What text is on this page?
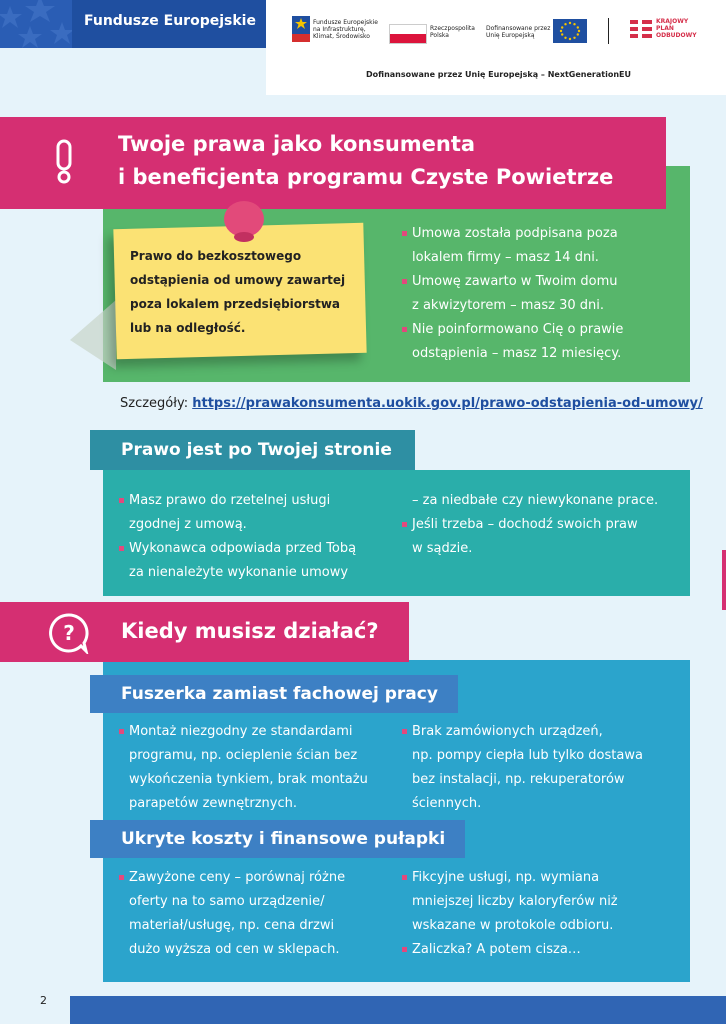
Fundusze Europejskie	Fundusze Europejskie
na Infrastrukturę,
Klimat, Środowisko
Rzeczpospolita
Polska
Dofinansowane przez
Unię Europejską
KRAJOWY
PLAN
ODBUDOWY
Dofinansowane przez Unię Europejską – NextGenerationEU
Twoje prawa jako konsumenta
i beneficjenta programu Czyste Powietrze
Prawo do bezkosztowego
odstąpienia od umowy zawartej
poza lokalem przedsiębiorstwa
lub na odległość.

Umowa została podpisana poza

lokalem firmy – masz 14 dni.

Umowę zawarto w Twoim domu

z akwizytorem – masz 30 dni.

Nie poinformowano Cię o prawie

odstąpienia – masz 12 miesięcy.

Szczegóły: https://prawakonsumenta.uokik.gov.pl/prawo-odstapienia-od-umowy/
Prawo jest po Twojej stronie

Masz prawo do rzetelnej usługi

zgodnej z umową.

Wykonawca odpowiada przed Tobą

za nienależyte wykonanie umowy

– za niedbałe czy niewykonane prace.

Jeśli trzeba – dochodź swoich praw

w sądzie.

? Kiedy musisz działać?
Fuszerka zamiast fachowej pracy

Montaż niezgodny ze standardami

programu, np. ocieplenie ścian bez

wykończenia tynkiem, brak montażu

parapetów zewnętrznych.

Brak zamówionych urządzeń,

np. pompy ciepła lub tylko dostawa

bez instalacji, np. rekuperatorów

ściennych.

Ukryte koszty i finansowe pułapki

Zawyżone ceny – porównaj różne

oferty na to samo urządzenie/

materiał/usługę, np. cena drzwi

dużo wyższa od cen w sklepach.

Fikcyjne usługi, np. wymiana

mniejszej liczby kaloryferów niż

wskazane w protokole odbioru.

Zaliczka? A potem cisza…

2
